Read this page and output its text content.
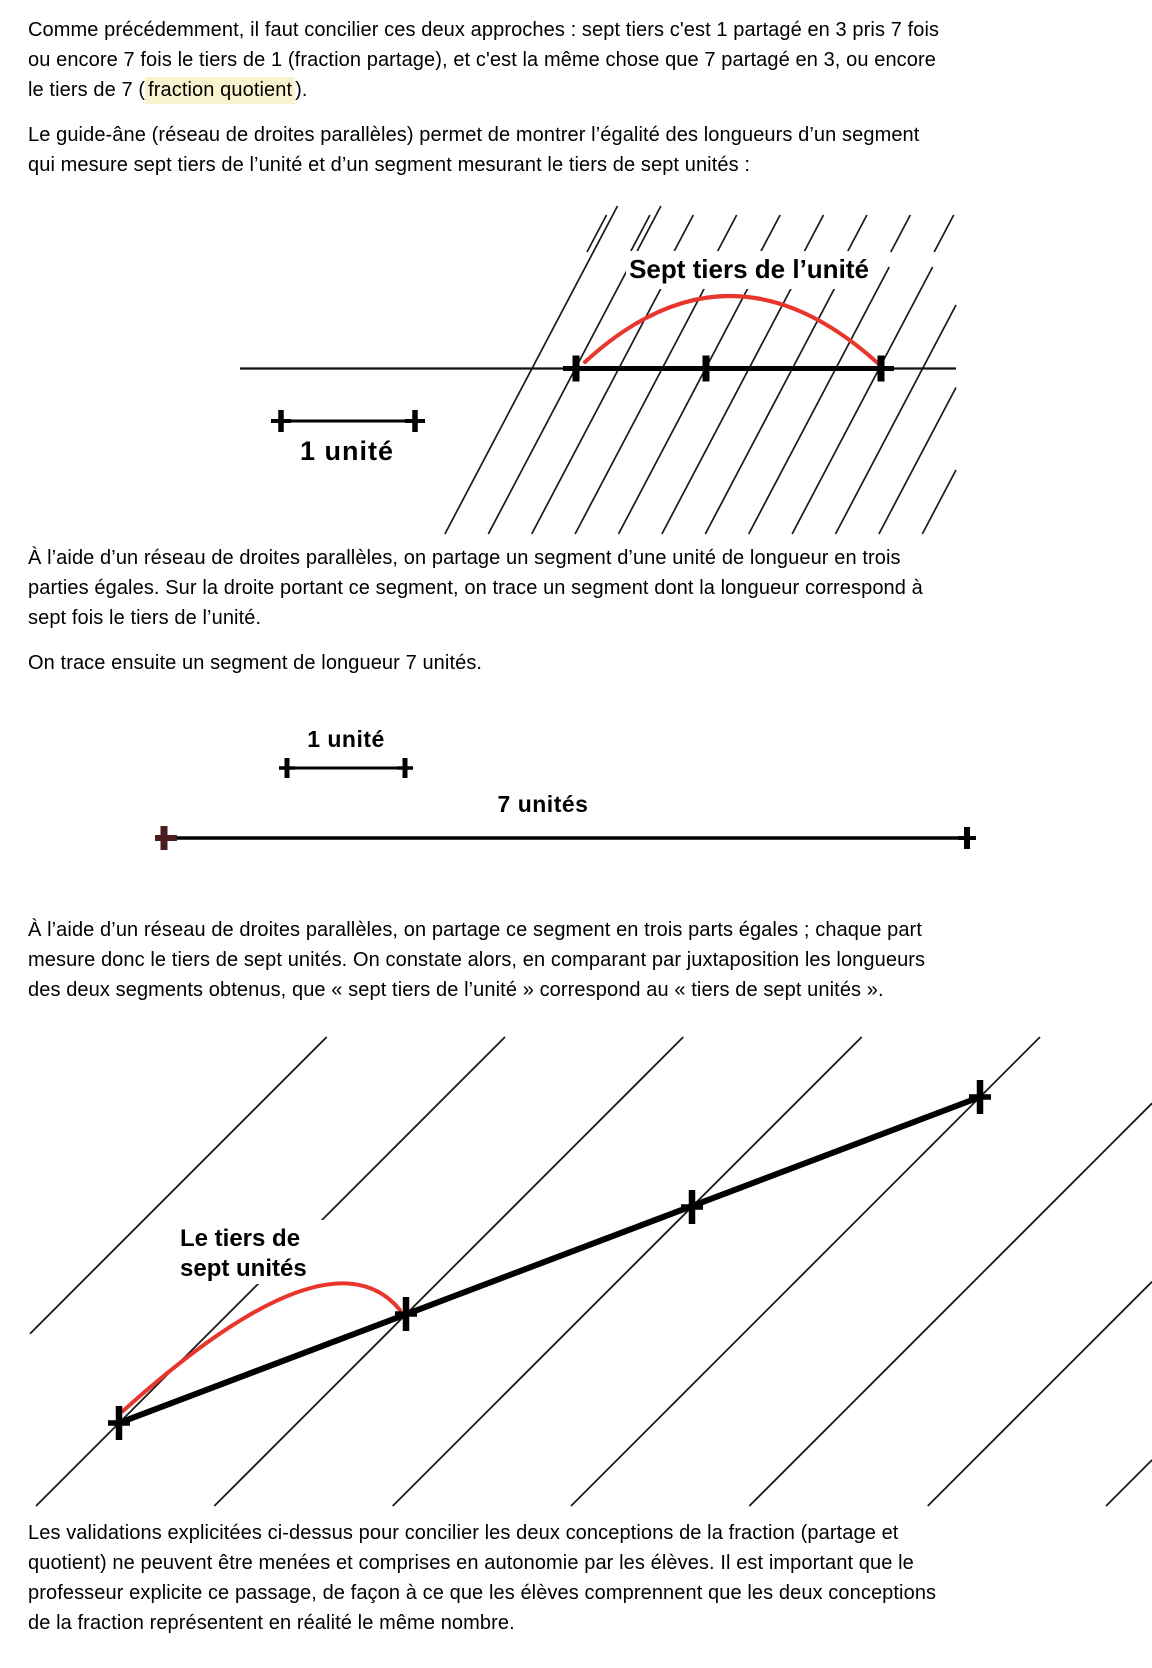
Comme précédemment, il faut concilier ces deux approches : sept tiers c'est 1 partagé en 3 pris 7 fois
ou encore 7 fois le tiers de 1 (fraction partage), et c'est la même chose que 7 partagé en 3, ou encore
le tiers de 7 ( fraction quotient ).
Le guide-âne (réseau de droites parallèles) permet de montrer l’égalité des longueurs d’un segment
qui mesure sept tiers de l’unité et d’un segment mesurant le tiers de sept unités :
Sept tiers de l’unité
1 unité
À l’aide d’un réseau de droites parallèles, on partage un segment d’une unité de longueur en trois
parties égales. Sur la droite portant ce segment, on trace un segment dont la longueur correspond à
sept fois le tiers de l’unité.
On trace ensuite un segment de longueur 7 unités.
1 unité
7 unités
À l’aide d’un réseau de droites parallèles, on partage ce segment en trois parts égales ; chaque part
mesure donc le tiers de sept unités. On constate alors, en comparant par juxtaposition les longueurs
des deux segments obtenus, que « sept tiers de l’unité » correspond au « tiers de sept unités ».
Le tiers de
sept unités
Les validations explicitées ci-dessus pour concilier les deux conceptions de la fraction (partage et
quotient) ne peuvent être menées et comprises en autonomie par les élèves. Il est important que le
professeur explicite ce passage, de façon à ce que les élèves comprennent que les deux conceptions
de la fraction représentent en réalité le même nombre.
